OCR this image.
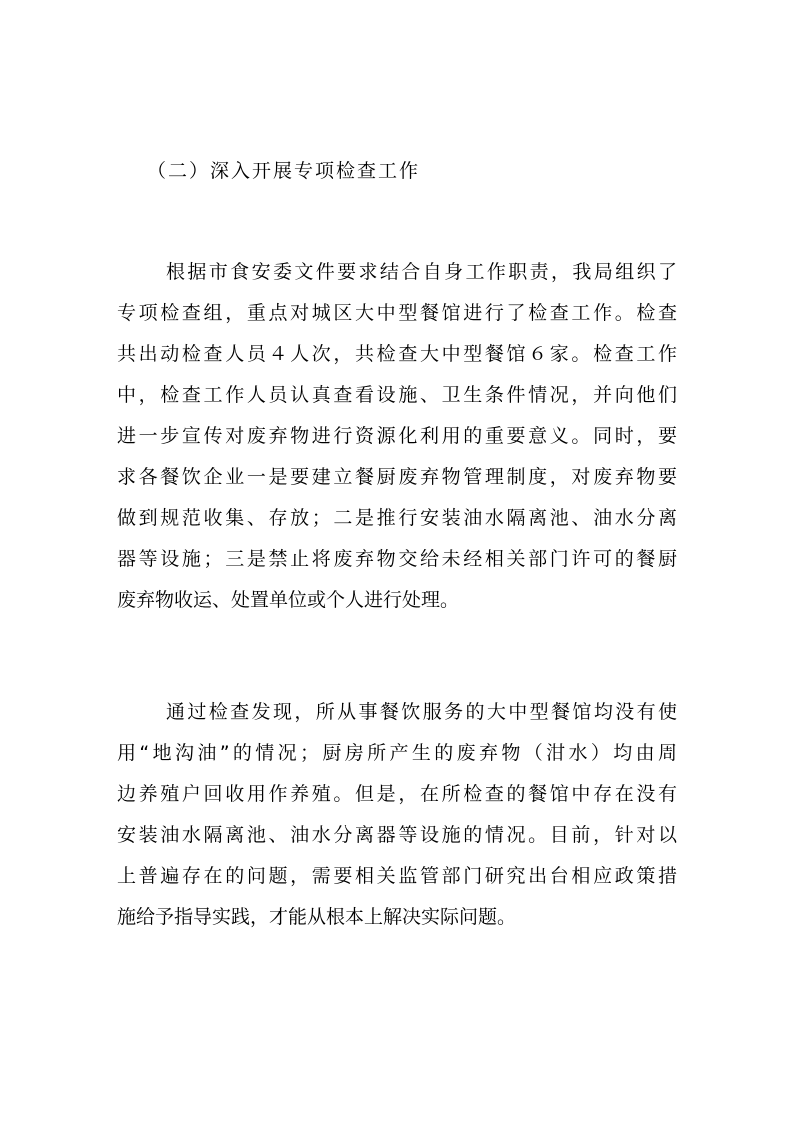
（二）深入开展专项检查工作
根据市食安委文件要求结合自身工作职责，我局组织了
专项检查组，重点对城区大中型餐馆进行了检查工作。检查
共出动检查人员４人次，共检查大中型餐馆６家。检查工作
中，检查工作人员认真查看设施、卫生条件情况，并向他们
进一步宣传对废弃物进行资源化利用的重要意义。同时，要
求各餐饮企业一是要建立餐厨废弃物管理制度，对废弃物要
做到规范收集、存放；二是推行安装油水隔离池、油水分离
器等设施；三是禁止将废弃物交给未经相关部门许可的餐厨
废弃物收运、处置单位或个人进行处理。
通过检查发现，所从事餐饮服务的大中型餐馆均没有使
用“地沟油”的情况；厨房所产生的废弃物（泔水）均由周
边养殖户回收用作养殖。但是，在所检查的餐馆中存在没有
安装油水隔离池、油水分离器等设施的情况。目前，针对以
上普遍存在的问题，需要相关监管部门研究出台相应政策措
施给予指导实践，才能从根本上解决实际问题。
